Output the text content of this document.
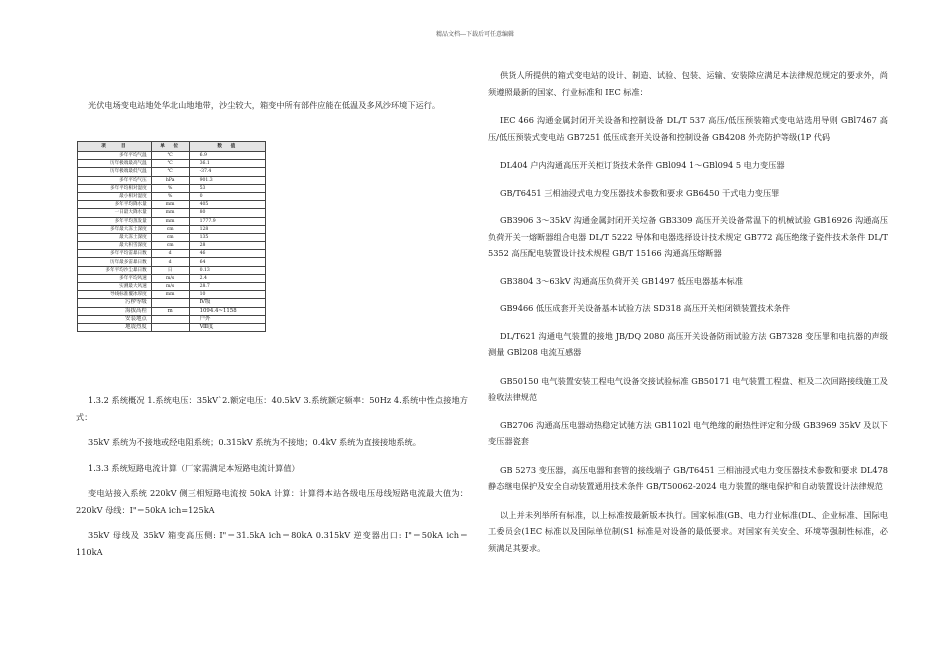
精品文档---下载后可任意编辑

光伏电场变电站地处华北山地地带，沙尘较大，箱变中所有部件应能在低温及多风沙环境下运行。

项　　目	单　位	数　值
多年平均气温	℃	6.9
历年极端最高气温	℃	36.1
历年极端最低气温	℃	-37.4
多年平均气压	hPa	901.3
多年平均相对湿度	%	53
最小相对湿度	%	0
多年平均降水量	mm	405
一日最大降水量	mm	80
多年平均蒸发量	mm	1777.9
多年最大冻土深度	cm	128
最大冻土深度	cm	135
最大积雪深度	cm	28
多年平均雷暴日数	d	46
历年最多雷暴日数	d	64
多年平均沙尘暴日数	日	0.13
多年平均风速	m/s	2.4
实测最大风速	m/s	28.7
导线标准覆冰厚度	mm	10
污秽等级		Ⅳ级
海拔高程	m	1094.4~1158
安装地点		户外
地震烈度		Ⅷ度

1.3.2 系统概况 1.系统电压：35kV`2.额定电压：40.5kV 3.系统额定频率：50Hz 4.系统中性点接地方式：

35kV 系统为不接地或经电阻系统；0.315kV 系统为不接地；0.4kV 系统为直接接地系统。

1.3.3 系统短路电流计算（厂家需满足本短路电流计算值）

变电站接入系统 220kV 侧三相短路电流按 50kA 计算：计算得本站各级电压母线短路电流最大值为：220kV 母线：I"＝50kA ich=125kA

35kV 母线及 35kV 箱变高压侧: I"＝31.5kA ich＝80kA 0.315kV 逆变器出口: I"＝50kA ich＝110kA

供货人所提供的箱式变电站的设计、制造、试验、包装、运输、安装除应满足本法律规范规定的要求外，尚须遵照最新的国家、行业标准和 IEC 标准：

IEC 466 沟通金属封闭开关设备和控制设备 DL/T 537 高压/低压预装箱式变电站选用导则 GBl7467 高压/低压预装式变电站 GB7251 低压成套开关设备和控制设备 GB4208 外壳防护等级(1P 代码

DL404 户内沟通高压开关柜订货技术条件 GBl094 1～GBl094 5 电力变压器

GB/T6451 三相油浸式电力变压器技术参数和要求 GB6450 干式电力变压罪

GB3906 3～35kV 沟通金属封闭开关垃备 GB3309 高压开关设备常温下的机械试验 GB16926 沟通高压负荷开关一熔断器组合电器 DL/T 5222 导体和电器选择设计技术规定 GB772 高压绝缘子瓷件技术条件 DL/T 5352 高压配电装置设计技术规程 GB/T 15166 沟通高压熔断器

GB3804 3～63kV 沟通高压负荷开关 GB1497 低压电器基本标准

GB9466 低压成套开关设备基本试验方法 SD318 高压开关柜闭锁装置技术条件

DL/T621 沟通电气装置的接地 JB/DQ 2080 高压开关设备防雨试验方法 GB7328 变压罪和电抗器的声级测量 GBl208 电流互感器

GB50150 电气装置安装工程电气设备交接试验标准 GB50171 电气装置工程盘、柜及二次回路接线施工及验收法律规范

GB2706 沟通高压电器动热稳定试驰方法 GB1102l 电气绝缘的耐热性评定和分级 GB3969 35kV 及以下变压器瓷套

GB 5273 变压器，高压电器和套管的接线端子 GB/T6451 三相油浸式电力变压器技术参数和要求 DL478 静态继电保护及安全自动装置通用技术条件 GB/T50062-2024 电力装置的继电保护和自动装置设计法律规范

以上并未列举所有标准，以上标准按最新版本执行。国家标准(GB、电力行业标准(DL、企业标准、国际电工委员会(1EC 标准以及国际单位制(S1 标准是对设备的最低要求。对国家有关安全、环境等强制性标准，必须满足其要求。
